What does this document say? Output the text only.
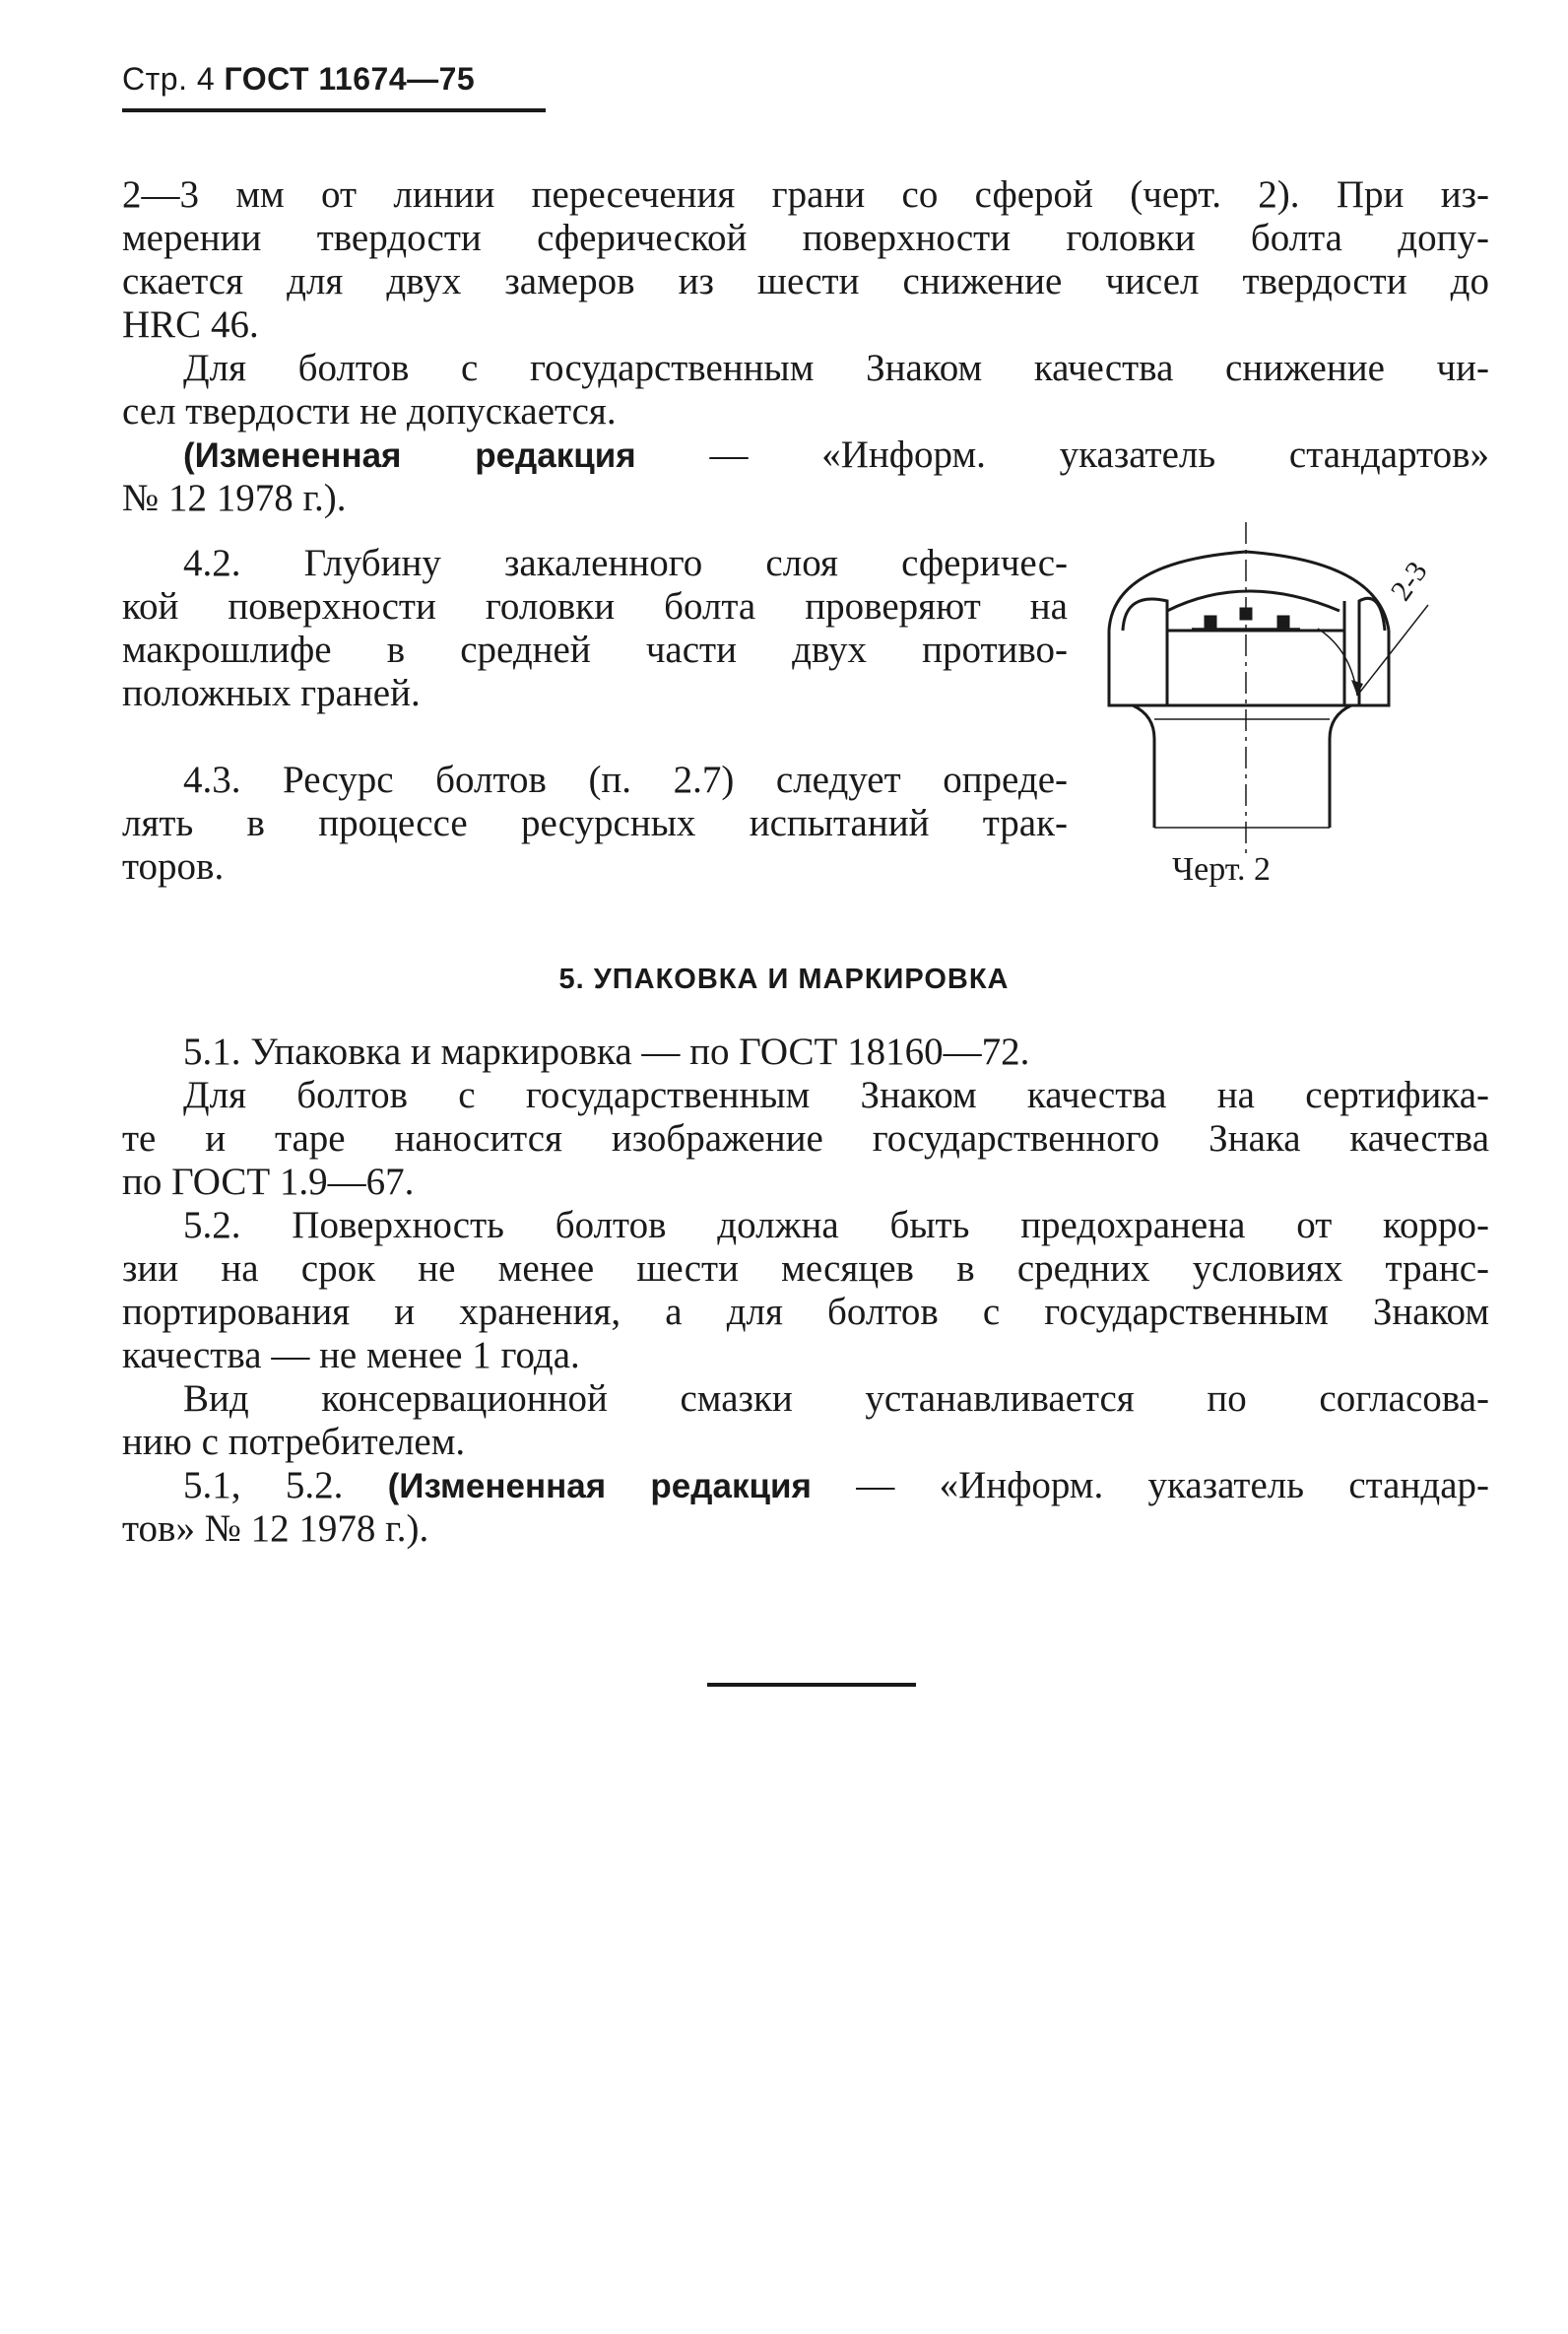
Стр. 4 ГОСТ 11674—75
2—3 мм от линии пересечения грани со сферой (черт. 2). При из-
мерении твердости сферической поверхности головки болта допу-
скается для двух замеров из шести снижение чисел твердости до
HRC 46.
Для болтов с государственным Знаком качества снижение чи-
сел твердости не допускается.
(Измененная редакция — «Информ. указатель стандартов»
№ 12 1978 г.).
4.2. Глубину закаленного слоя сферичес-
кой поверхности головки болта проверяют на
макрошлифе в средней части двух противо-
положных граней.
4.3. Ресурс болтов (п. 2.7) следует опреде-
лять в процессе ресурсных испытаний трак-
торов.
2-3
Черт. 2
5. УПАКОВКА И МАРКИРОВКА
5.1. Упаковка и маркировка — по ГОСТ 18160—72.
Для болтов с государственным Знаком качества на сертифика-
те и таре наносится изображение государственного Знака качества
по ГОСТ 1.9—67.
5.2. Поверхность болтов должна быть предохранена от корро-
зии на срок не менее шести месяцев в средних условиях транс-
портирования и хранения, а для болтов с государственным Знаком
качества — не менее 1 года.
Вид консервационной смазки устанавливается по согласова-
нию с потребителем.
5.1, 5.2. (Измененная редакция — «Информ. указатель стандар-
тов» № 12 1978 г.).
